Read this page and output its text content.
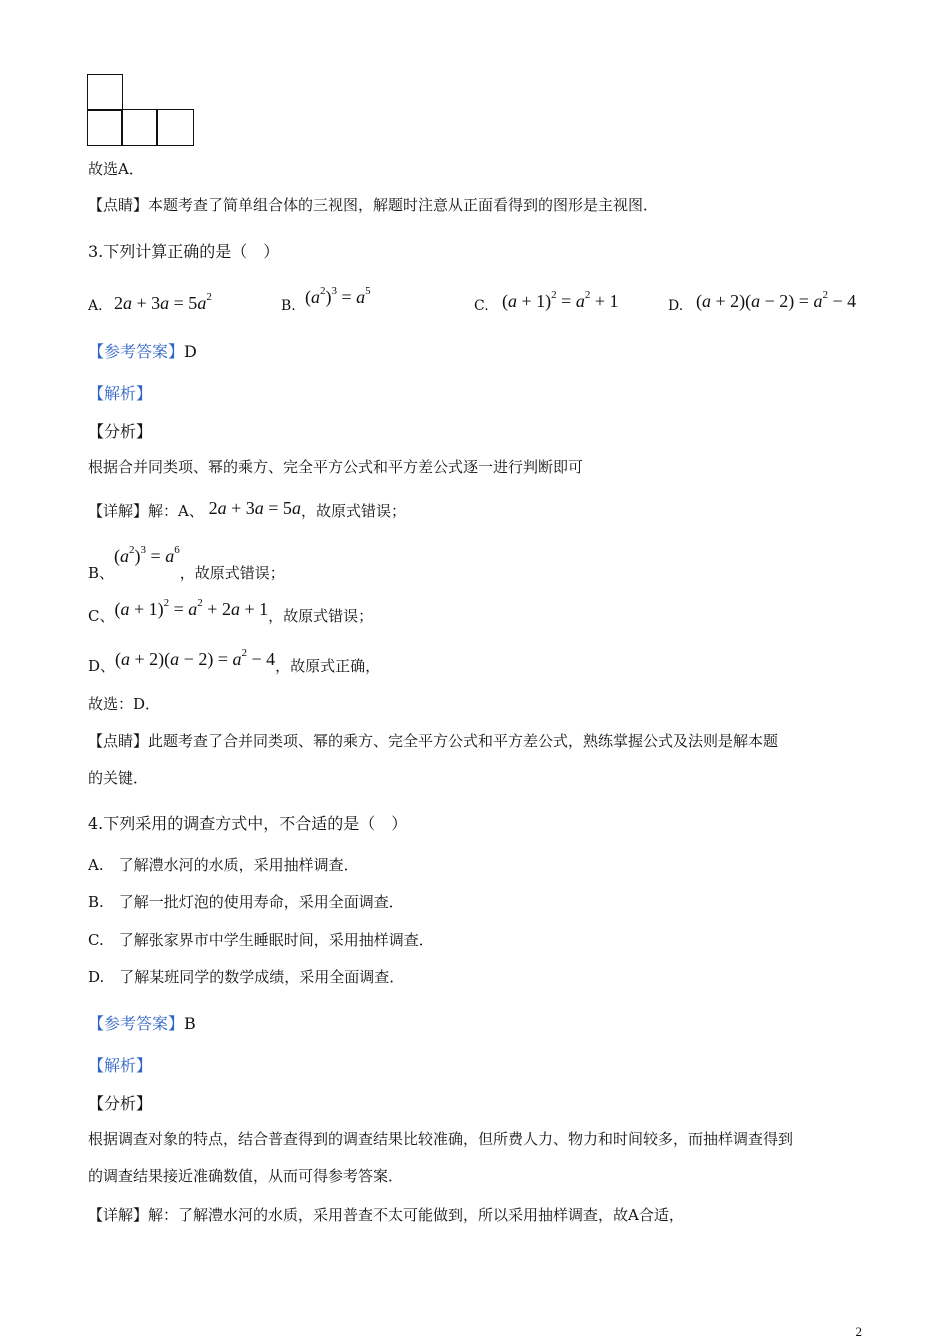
故选A．
【点睛】本题考查了简单组合体的三视图，解题时注意从正面看得到的图形是主视图．
3.下列计算正确的是（　）
A. $2a + 3a = 5a^2$
B. $(a^2)^3 = a^5$
C. $(a + 1)^2 = a^2 + 1$	D. $(a + 2)(a - 2) = a^2 - 4$
【参考答案】D
【解析】
【分析】
根据合并同类项、幂的乘方、完全平方公式和平方差公式逐一进行判断即可
【详解】解：A、 2a + 3a = 5a，故原式错误；
B、$(a^2)^3 = a^6$，故原式错误；
C、$(a + 1)^2 = a^2 + 2a + 1$，故原式错误；
D、$(a + 2)(a - 2) = a^2 - 4$，故原式正确，
故选：D．
【点睛】此题考查了合并同类项、幂的乘方、完全平方公式和平方差公式，熟练掌握公式及法则是解本题
的关键．
4.下列采用的调查方式中，不合适的是（　）
A.　了解澧水河的水质，采用抽样调查．
B.　了解一批灯泡的使用寿命，采用全面调查．
C.　了解张家界市中学生睡眠时间，采用抽样调查．
D.　了解某班同学的数学成绩，采用全面调查．
【参考答案】B
【解析】
【分析】
根据调查对象的特点，结合普查得到的调查结果比较准确，但所费人力、物力和时间较多，而抽样调查得到
的调查结果接近准确数值，从而可得参考答案．
【详解】解：了解澧水河的水质，采用普查不太可能做到，所以采用抽样调查，故A合适，
2
